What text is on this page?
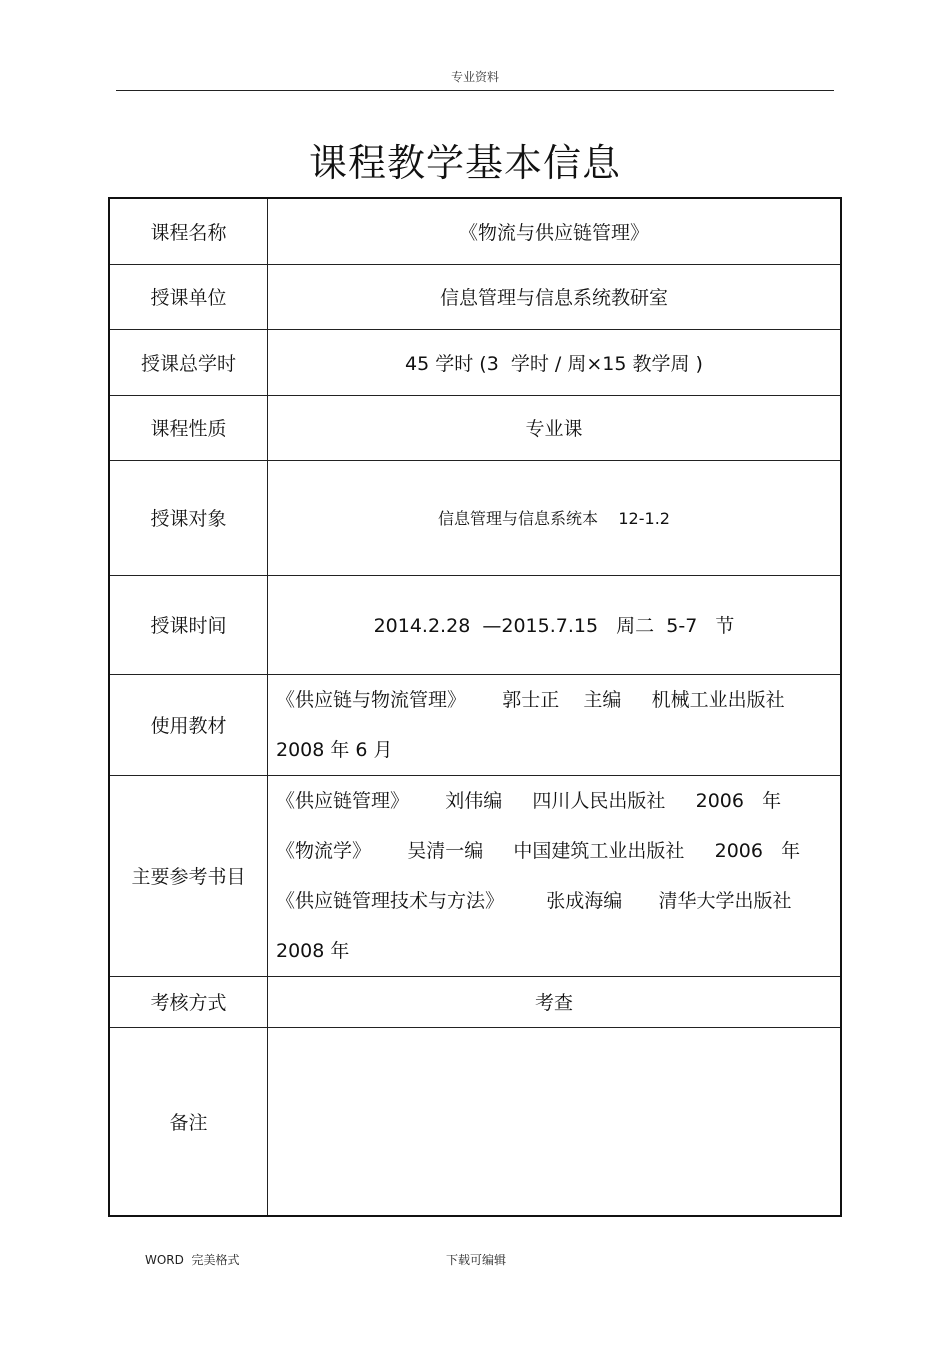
专业资料
课程教学基本信息
课程名称	《物流与供应链管理》
授课单位	信息管理与信息系统教研室
授课总学时	45 学时 (3  学时 / 周×15 教学周 )
课程性质	专业课
授课对象	信息管理与信息系统本    12-1.2
授课时间	2014.2.28  —2015.7.15   周二  5-7   节
使用教材	《供应链与物流管理》      郭士正    主编     机械工业出版社
2008 年 6 月

主要参考书目	《供应链管理》      刘伟编     四川人民出版社     2006   年
《物流学》      吴清一编     中国建筑工业出版社     2006   年
《供应链管理技术与方法》       张成海编      清华大学出版社
2008 年

考核方式	考查
备注	
WORD  完美格式	下载可编辑
